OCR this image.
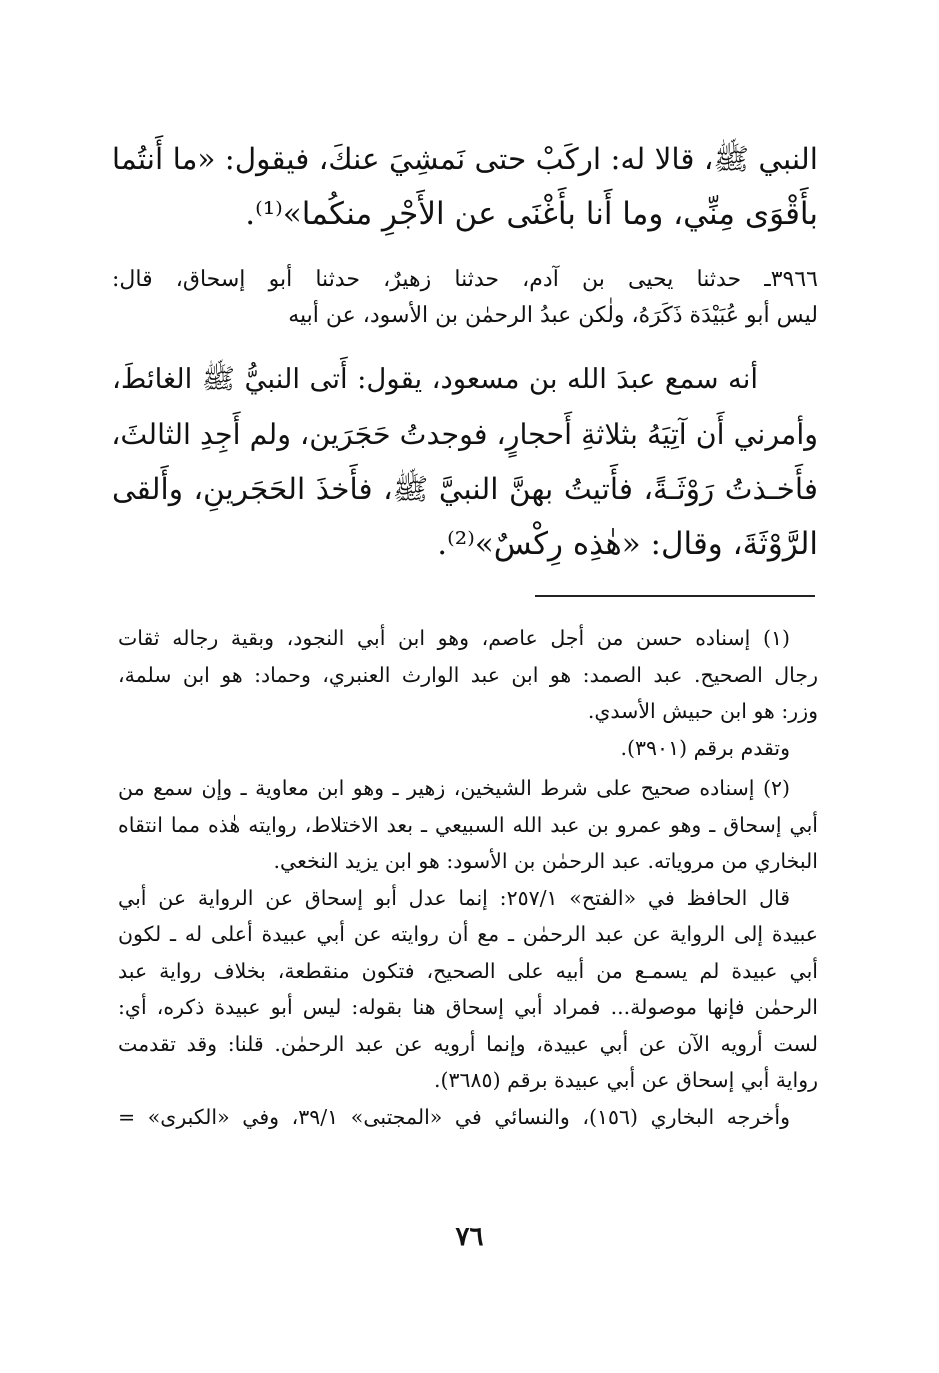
النبي ﷺ، قالا له: اركَبْ حتى نَمشِيَ عنكَ، فيقول: «ما أَنتُما
بأَقْوَى مِنِّي، وما أَنا بأَغْنَى عن الأَجْرِ منكُما»⁽¹⁾.
٣٩٦٦ـ حدثنا يحيى بن آدم، حدثنا زهيرٌ، حدثنا أبو إسحاق، قال:
ليس أبو عُبَيْدَة ذَكَرَهُ، ولٰكن عبدُ الرحمٰن بن الأسود، عن أبيه
أنه سمع عبدَ الله بن مسعود، يقول: أَتى النبيُّ ﷺ الغائطَ،
وأمرني أَن آتِيَهُ بثلاثةِ أَحجارٍ، فوجدتُ حَجَرَين، ولم أَجِدِ الثالثَ،
فأَخـذتُ رَوْثَـةً، فأَتيتُ بهنَّ النبيَّ ﷺ، فأَخذَ الحَجَرينِ، وأَلقى
الرَّوْثَةَ، وقال: «هٰذِه رِكْسٌ»⁽²⁾.
(١) إسناده حسن من أجل عاصم، وهو ابن أبي النجود، وبقية رجاله ثقات
رجال الصحيح. عبد الصمد: هو ابن عبد الوارث العنبري، وحماد: هو ابن سلمة،
وزر: هو ابن حبيش الأسدي.
وتقدم برقم (٣٩٠١).
(٢) إسناده صحيح على شرط الشيخين، زهير ـ وهو ابن معاوية ـ وإن سمع من
أبي إسحاق ـ وهو عمرو بن عبد الله السبيعي ـ بعد الاختلاط، روايته هٰذه مما انتقاه
البخاري من مروياته. عبد الرحمٰن بن الأسود: هو ابن يزيد النخعي.
قال الحافظ في «الفتح» ٢٥٧/١: إنما عدل أبو إسحاق عن الرواية عن أبي
عبيدة إلى الرواية عن عبد الرحمٰن ـ مع أن روايته عن أبي عبيدة أعلى له ـ لكون
أبي عبيدة لم يسمـع من أبيه على الصحيح، فتكون منقطعة، بخلاف رواية عبد
الرحمٰن فإنها موصولة... فمراد أبي إسحاق هنا بقوله: ليس أبو عبيدة ذكره، أي:
لست أرويه الآن عن أبي عبيدة، وإنما أرويه عن عبد الرحمٰن. قلنا: وقد تقدمت
رواية أبي إسحاق عن أبي عبيدة برقم (٣٦٨٥).
وأخرجه البخاري (١٥٦)، والنسائي في «المجتبى» ٣٩/١، وفي «الكبرى» =
٧٦
